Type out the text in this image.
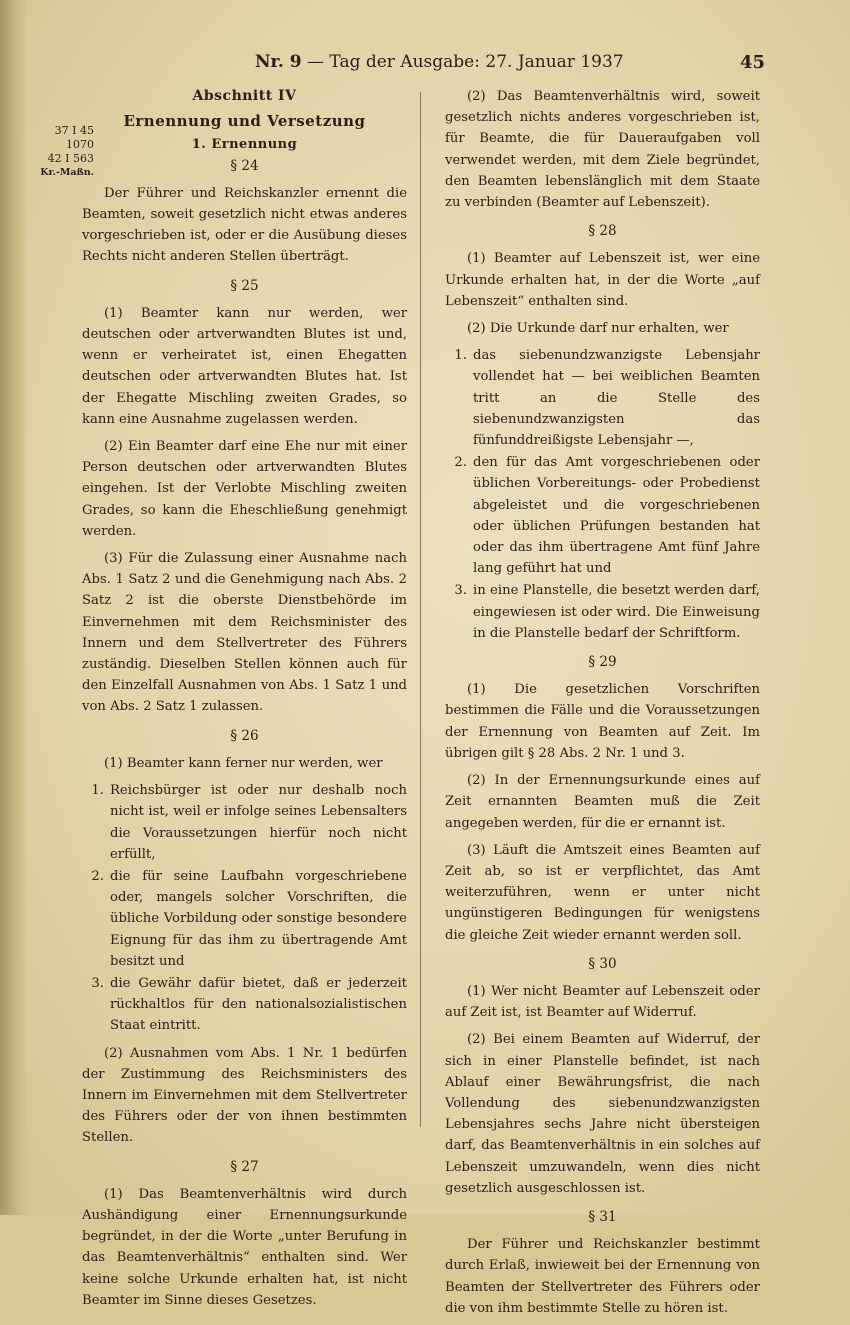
Nr. 9 — Tag der Ausgabe: 27. Januar 1937	45
37 I 45
1070
42 I 563
Kr.-Maßn.
Abschnitt IV
Ernennung und Versetzung
1. Ernennung
§ 24

Der Führer und Reichskanzler ernennt die Beamten, soweit gesetzlich nicht etwas anderes vorgeschrieben ist, oder er die Ausübung dieses Rechts nicht anderen Stellen überträgt.

§ 25

(1) Beamter kann nur werden, wer deutschen oder artverwandten Blutes ist und, wenn er verheiratet ist, einen Ehegatten deutschen oder artverwandten Blutes hat. Ist der Ehegatte Mischling zweiten Grades, so kann eine Ausnahme zugelassen werden.

(2) Ein Beamter darf eine Ehe nur mit einer Person deutschen oder artverwandten Blutes eingehen. Ist der Verlobte Mischling zweiten Grades, so kann die Eheschließung genehmigt werden.

(3) Für die Zulassung einer Ausnahme nach Abs. 1 Satz 2 und die Genehmigung nach Abs. 2 Satz 2 ist die oberste Dienstbehörde im Einvernehmen mit dem Reichsminister des Innern und dem Stellvertreter des Führers zuständig. Dieselben Stellen können auch für den Einzelfall Ausnahmen von Abs. 1 Satz 1 und von Abs. 2 Satz 1 zulassen.

§ 26

(1) Beamter kann ferner nur werden, wer

1. Reichsbürger ist oder nur deshalb noch nicht ist, weil er infolge seines Lebensalters die Voraussetzungen hierfür noch nicht erfüllt,
2. die für seine Laufbahn vorgeschriebene oder, mangels solcher Vorschriften, die übliche Vorbildung oder sonstige besondere Eignung für das ihm zu übertragende Amt besitzt und
3. die Gewähr dafür bietet, daß er jederzeit rückhaltlos für den nationalsozialistischen Staat eintritt.

(2) Ausnahmen vom Abs. 1 Nr. 1 bedürfen der Zustimmung des Reichsministers des Innern im Einvernehmen mit dem Stellvertreter des Führers oder der von ihnen bestimmten Stellen.

§ 27

(1) Das Beamtenverhältnis wird durch Aushändigung einer Ernennungsurkunde begründet, in der die Worte „unter Berufung in das Beamtenverhältnis“ enthalten sind. Wer keine solche Urkunde erhalten hat, ist nicht Beamter im Sinne dieses Gesetzes.

(2) Das Beamtenverhältnis wird, soweit gesetzlich nichts anderes vorgeschrieben ist, für Beamte, die für Daueraufgaben voll verwendet werden, mit dem Ziele begründet, den Beamten lebenslänglich mit dem Staate zu verbinden (Beamter auf Lebenszeit).

§ 28

(1) Beamter auf Lebenszeit ist, wer eine Urkunde erhalten hat, in der die Worte „auf Lebenszeit“ enthalten sind.

(2) Die Urkunde darf nur erhalten, wer

1. das siebenundzwanzigste Lebensjahr vollendet hat — bei weiblichen Beamten tritt an die Stelle des siebenundzwanzigsten das fünfunddreißigste Lebensjahr —,
2. den für das Amt vorgeschriebenen oder üblichen Vorbereitungs- oder Probedienst abgeleistet und die vorgeschriebenen oder üblichen Prüfungen bestanden hat oder das ihm übertragene Amt fünf Jahre lang geführt hat und
3. in eine Planstelle, die besetzt werden darf, eingewiesen ist oder wird. Die Einweisung in die Planstelle bedarf der Schriftform.
§ 29

(1) Die gesetzlichen Vorschriften bestimmen die Fälle und die Voraussetzungen der Ernennung von Beamten auf Zeit. Im übrigen gilt § 28 Abs. 2 Nr. 1 und 3.

(2) In der Ernennungsurkunde eines auf Zeit ernannten Beamten muß die Zeit angegeben werden, für die er ernannt ist.

(3) Läuft die Amtszeit eines Beamten auf Zeit ab, so ist er verpflichtet, das Amt weiterzuführen, wenn er unter nicht ungünstigeren Bedingungen für wenigstens die gleiche Zeit wieder ernannt werden soll.

§ 30

(1) Wer nicht Beamter auf Lebenszeit oder auf Zeit ist, ist Beamter auf Widerruf.

(2) Bei einem Beamten auf Widerruf, der sich in einer Planstelle befindet, ist nach Ablauf einer Bewährungsfrist, die nach Vollendung des siebenundzwanzigsten Lebensjahres sechs Jahre nicht übersteigen darf, das Beamtenverhältnis in ein solches auf Lebenszeit umzuwandeln, wenn dies nicht gesetzlich ausgeschlossen ist.

§ 31

Der Führer und Reichskanzler bestimmt durch Erlaß, inwieweit bei der Ernennung von Beamten der Stellvertreter des Führers oder die von ihm bestimmte Stelle zu hören ist.
